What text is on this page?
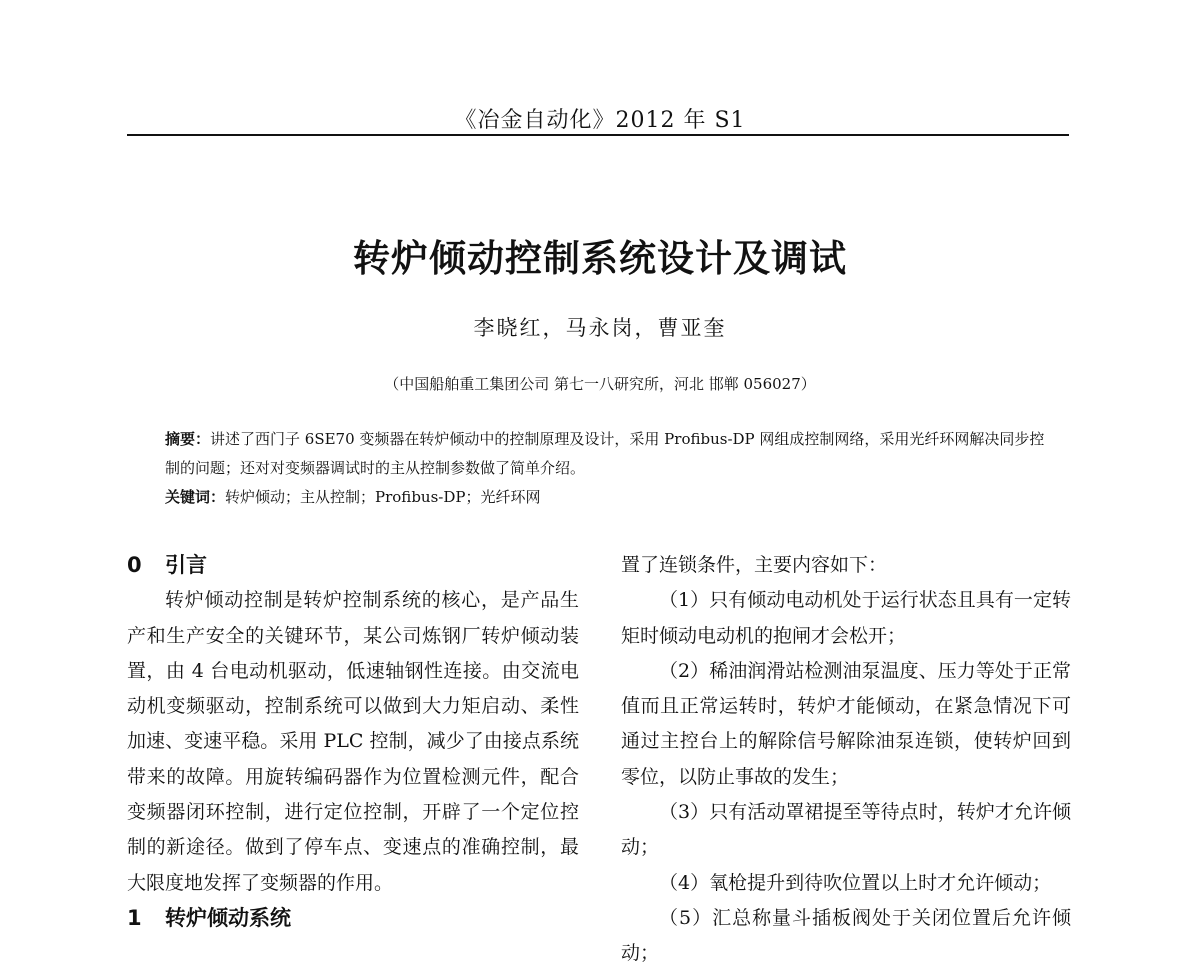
《冶金自动化》2012 年 S1
转炉倾动控制系统设计及调试
李晓红，马永岗，曹亚奎
（中国船舶重工集团公司 第七一八研究所，河北 邯郸 056027）

摘要：讲述了西门子 6SE70 变频器在转炉倾动中的控制原理及设计，采用 Profibus-DP 网组成控制网络，采用光纤环网解决同步控制的问题；还对对变频器调试时的主从控制参数做了简单介绍。

关键词：转炉倾动；主从控制；Profibus-DP；光纤环网

0 引言

转炉倾动控制是转炉控制系统的核心，是产品生产和生产安全的关键环节，某公司炼钢厂转炉倾动装置，由 4 台电动机驱动，低速轴钢性连接。由交流电动机变频驱动，控制系统可以做到大力矩启动、柔性加速、变速平稳。采用 PLC 控制，减少了由接点系统带来的故障。用旋转编码器作为位置检测元件，配合变频器闭环控制，进行定位控制，开辟了一个定位控制的新途径。做到了停车点、变速点的准确控制，最大限度地发挥了变频器的作用。

1 转炉倾动系统

置了连锁条件，主要内容如下：

（1）只有倾动电动机处于运行状态且具有一定转矩时倾动电动机的抱闸才会松开；

（2）稀油润滑站检测油泵温度、压力等处于正常值而且正常运转时，转炉才能倾动，在紧急情况下可通过主控台上的解除信号解除油泵连锁，使转炉回到零位，以防止事故的发生；

（3）只有活动罩裙提至等待点时，转炉才允许倾动；

（4）氧枪提升到待吹位置以上时才允许倾动；

（5）汇总称量斗插板阀处于关闭位置后允许倾动；
